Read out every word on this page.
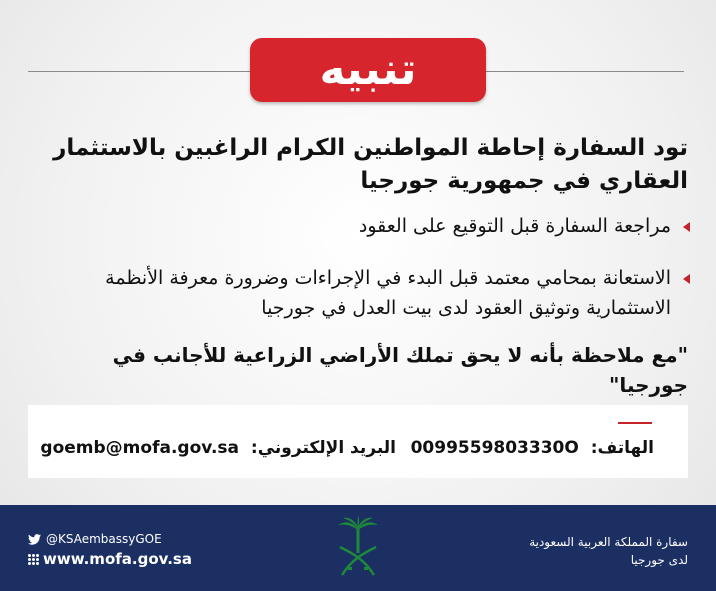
تنبيه
تود السفارة إحاطة المواطنين الكرام الراغبين بالاستثمار العقاري في جمهورية جورجيا
مراجعة السفارة قبل التوقيع على العقود
الاستعانة بمحامي معتمد قبل البدء في الإجراءات وضرورة معرفة الأنظمة الاستثمارية وتوثيق العقود لدى بيت العدل في جورجيا
"مع ملاحظة بأنه لا يحق تملك الأراضي الزراعية للأجانب في جورجيا"
الهاتف: 0099559803330O
البريد الإلكتروني: goemb@mofa.gov.sa
سفارة المملكة العربية السعودية
لدى جورجيا
@KSAembassyGOE
www.mofa.gov.sa
